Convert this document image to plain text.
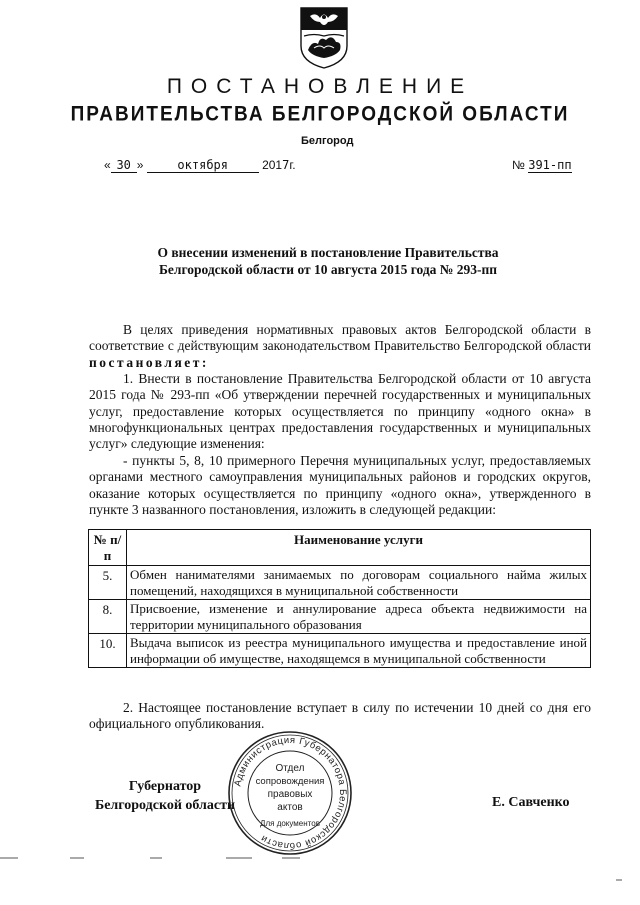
ПОСТАНОВЛЕНИЕ
ПРАВИТЕЛЬСТВА БЕЛГОРОДСКОЙ ОБЛАСТИ
Белгород
« 30 »	октября	2017г.	№ 391-пп
О внесении изменений в постановление Правительства
Белгородской области от 10 августа 2015 года № 293-пп
В целях приведения нормативных правовых актов Белгородской области в соответствие с действующим законодательством Правительство Белгородской области постановляет:
1. Внести в постановление Правительства Белгородской области от 10 августа 2015 года № 293-пп «Об утверждении перечней государственных и муниципальных услуг, предоставление которых осуществляется по принципу «одного окна» в многофункциональных центрах предоставления государственных и муниципальных услуг» следующие изменения:
- пункты 5, 8, 10 примерного Перечня муниципальных услуг, предоставляемых органами местного самоуправления муниципальных районов и городских округов, оказание которых осуществляется по принципу «одного окна», утвержденного в пункте 3 названного постановления, изложить в следующей редакции:
№ п/п	Наименование услуги
5.	Обмен нанимателями занимаемых по договорам социального найма жилых помещений, находящихся в муниципальной собственности
8.	Присвоение, изменение и аннулирование адреса объекта недвижимости на территории муниципального образования
10.	Выдача выписок из реестра муниципального имущества и предоставление иной информации об имуществе, находящемся в муниципальной собственности
2. Настоящее постановление вступает в силу по истечении 10 дней со дня его официального опубликования.
Губернатор
Белгородской области	Е. Савченко
Администрация Губернатора Белгородской области
Отдел
сопровождения
правовых
актов
Для документов
